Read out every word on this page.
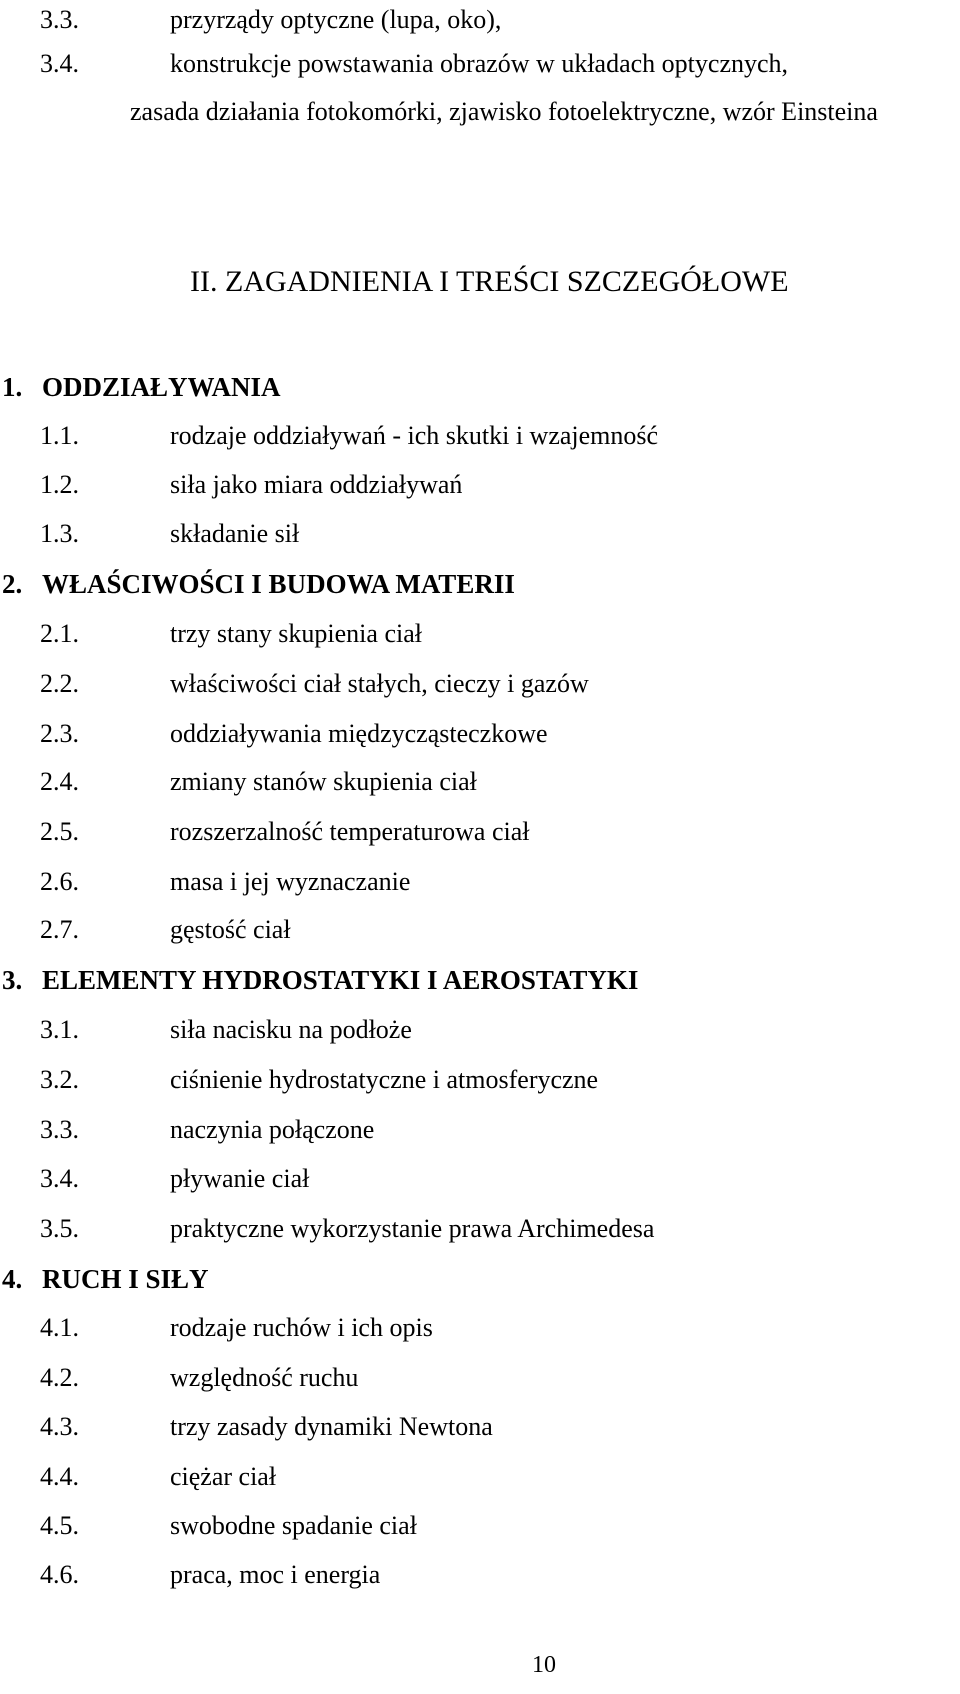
3.3.	przyrządy optyczne (lupa, oko),
3.4.	konstrukcje powstawania obrazów w układach optycznych,
zasada działania fotokomórki, zjawisko fotoelektryczne, wzór Einsteina
II. ZAGADNIENIA I TREŚCI SZCZEGÓŁOWE
1. ODDZIAŁYWANIA
1.1.	rodzaje oddziaływań - ich skutki i wzajemność
1.2.	siła jako miara oddziaływań
1.3.	składanie sił
2. WŁAŚCIWOŚCI I BUDOWA MATERII
2.1.	trzy stany skupienia ciał
2.2.	właściwości ciał stałych, cieczy i gazów
2.3.	oddziaływania międzycząsteczkowe
2.4.	zmiany stanów skupienia ciał
2.5.	rozszerzalność temperaturowa ciał
2.6.	masa i jej wyznaczanie
2.7.	gęstość ciał
3. ELEMENTY HYDROSTATYKI I AEROSTATYKI
3.1.	siła nacisku na podłoże
3.2.	ciśnienie hydrostatyczne i atmosferyczne
3.3.	naczynia połączone
3.4.	pływanie ciał
3.5.	praktyczne wykorzystanie prawa Archimedesa
4. RUCH I SIŁY
4.1.	rodzaje ruchów i ich opis
4.2.	względność ruchu
4.3.	trzy zasady dynamiki Newtona
4.4.	ciężar ciał
4.5.	swobodne spadanie ciał
4.6.	praca, moc i energia
10
